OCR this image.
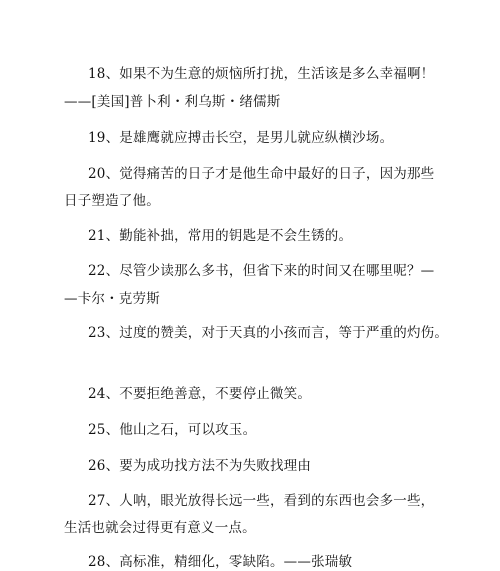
18、如果不为生意的烦恼所打扰，生活该是多么幸福啊！
——[美国]普卜利・利乌斯・绪儒斯
19、是雄鹰就应搏击长空，是男儿就应纵横沙场。
20、觉得痛苦的日子才是他生命中最好的日子，因为那些
日子塑造了他。
21、勤能补拙，常用的钥匙是不会生锈的。
22、尽管少读那么多书，但省下来的时间又在哪里呢？—
—卡尔・克劳斯
23、过度的赞美，对于天真的小孩而言，等于严重的灼伤。
24、不要拒绝善意，不要停止微笑。
25、他山之石，可以攻玉。
26、要为成功找方法不为失败找理由
27、人呐，眼光放得长远一些，看到的东西也会多一些，
生活也就会过得更有意义一点。
28、高标准，精细化，零缺陷。——张瑞敏
